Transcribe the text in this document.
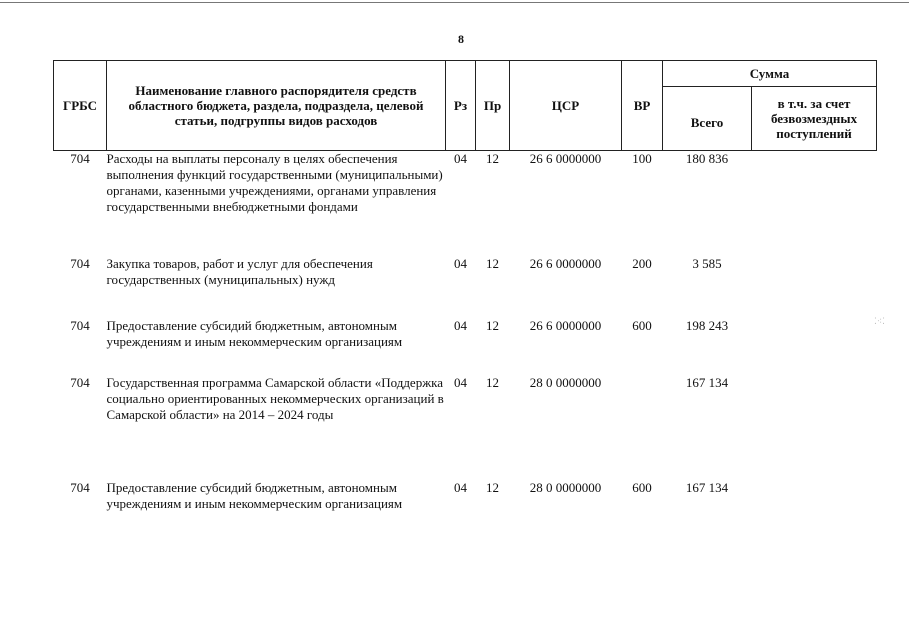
8
ГРБС	Наименование главного распорядителя средств областного бюджета, раздела, подраздела, целевой статьи, подгруппы видов расходов	Рз	Пр	ЦСР	ВР	Сумма	
						Всего	в т.ч. за счет безвозмездных поступлений
704	Расходы на выплаты персоналу в целях обеспечения выполнения функций государственными (муниципальными) органами, казенными учреждениями, органами управления государственными внебюджетными фондами	04	12	26 6 0000000	100	180 836	
704	Закупка товаров, работ и услуг для обеспечения государственных (муниципальных) нужд	04	12	26 6 0000000	200	3 585	
704	Предоставление субсидий бюджетным, автономным учреждениям и иным некоммерческим организациям	04	12	26 6 0000000	600	198 243	
704	Государственная программа Самарской области «Поддержка социально ориентированных некоммерческих организаций в Самарской области» на 2014 – 2024 годы	04	12	28 0 0000000		167 134	
704	Предоставление субсидий бюджетным, автономным учреждениям и иным некоммерческим организациям	04	12	28 0 0000000	600	167 134	
⁚⁖⁚
